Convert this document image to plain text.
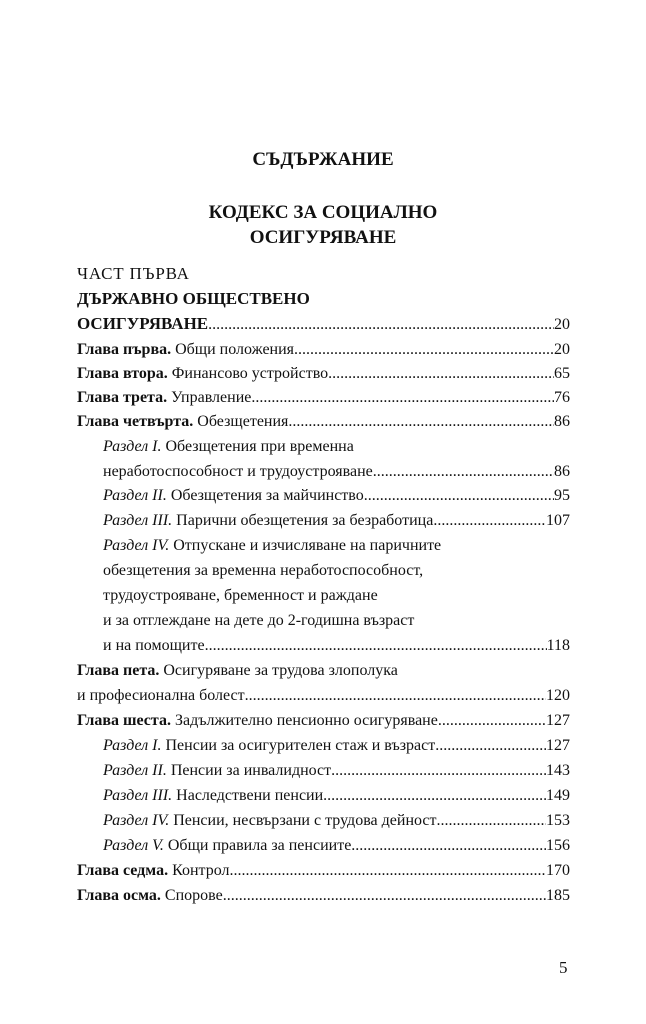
СЪДЪРЖАНИЕ
КОДЕКС ЗА СОЦИАЛНО
ОСИГУРЯВАНЕ
ЧАСТ ПЪРВА
ДЪРЖАВНО ОБЩЕСТВЕНО
ОСИГУРЯВАНЕ .....	20
Глава първа. Общи положения .....	20
Глава втора. Финансово устройство .....	65
Глава трета. Управление .....	76
Глава четвърта. Обезщетения .....	86
Раздел I. Обезщетения при временна
неработоспособност и трудоустрояване .....	86
Раздел II. Обезщетения за майчинство .....	95
Раздел III. Парични обезщетения за безработица .....	107
Раздел IV. Отпускане и изчисляване на паричните
обезщетения за временна неработоспособност,
трудоустрояване, бременност и раждане
и за отглеждане на дете до 2-годишна възраст
и на помощите .....	118
Глава пета. Осигуряване за трудова злополука
и професионална болест .....	120
Глава шеста. Задължително пенсионно осигуряване .....	127
Раздел I. Пенсии за осигурителен стаж и възраст .....	127
Раздел II. Пенсии за инвалидност .....	143
Раздел III. Наследствени пенсии .....	149
Раздел IV. Пенсии, несвързани с трудова дейност .....	153
Раздел V. Общи правила за пенсиите .....	156
Глава седма. Контрол .....	170
Глава осма. Спорове .....	185
5
